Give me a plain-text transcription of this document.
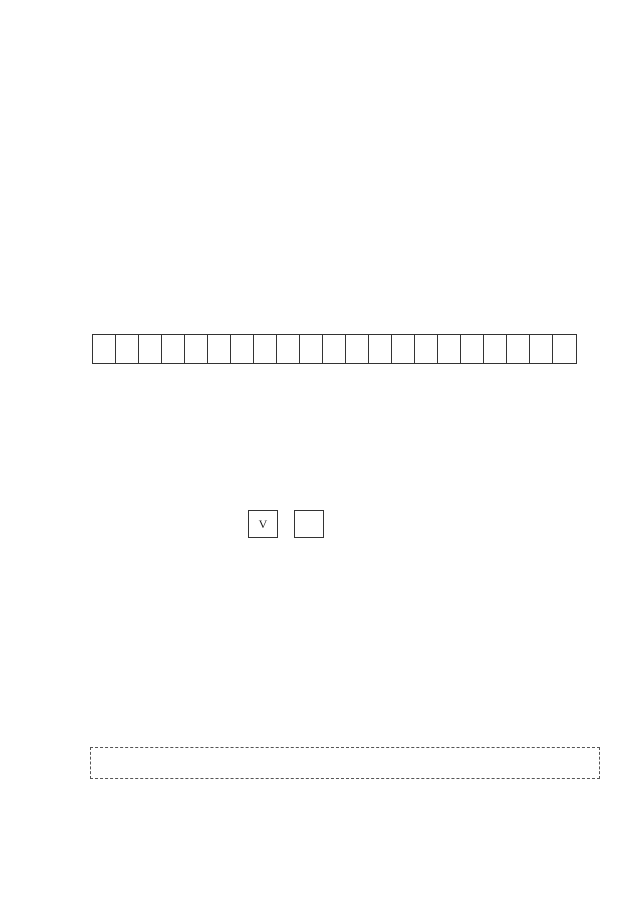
V
